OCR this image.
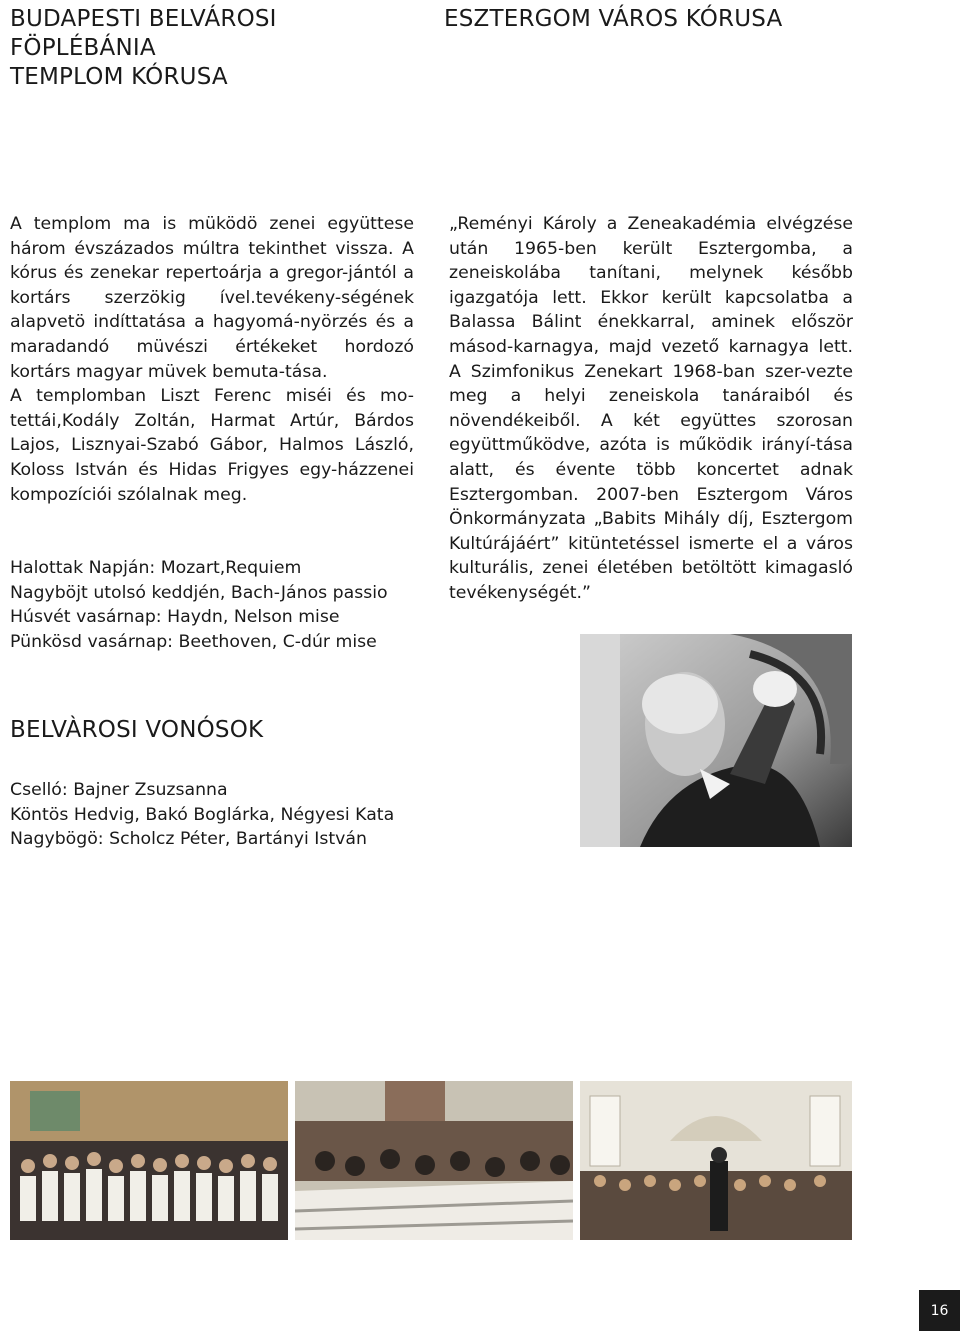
BUDAPESTI BELVÁROSI
FÖPLÉBÁNIA
TEMPLOM KÓRUSA
ESZTERGOM VÁROS KÓRUSA

A templom ma is müködö zenei együttese három évszázados múltra tekinthet vissza. A kórus és zenekar repertoárja a gregor-jántól a kortárs szerzökig ível.tevékeny-ségének alapvetö indíttatása a hagyomá-nyörzés és a maradandó müvészi értékeket hordozó kortárs magyar müvek bemuta-tása.

A templomban Liszt Ferenc miséi és mo-tettái,Kodály Zoltán, Harmat Artúr, Bárdos Lajos, Lisznyai-Szabó Gábor, Halmos László, Koloss István és Hidas Frigyes egy-házzenei kompozíciói szólalnak meg.

Halottak Napján: Mozart,Requiem
Nagyböjt utolsó keddjén, Bach-János passio
Húsvét vasárnap: Haydn, Nelson mise
Pünkösd vasárnap: Beethoven, C-dúr mise
BELVÀROSI VONÓSOK
Cselló: Bajner Zsuzsanna
Köntös Hedvig, Bakó Boglárka, Négyesi Kata
Nagybögö: Scholcz Péter, Bartányi István

„Reményi Károly a Zeneakadémia elvégzése után 1965-ben került Esztergomba, a zeneiskolába tanítani, melynek később igazgatója lett. Ekkor került kapcsolatba a Balassa Bálint énekkarral, aminek először másod-karnagya, majd vezető karnagya lett. A Szimfonikus Zenekart 1968-ban szer-vezte meg a helyi zeneiskola tanáraiból és növendékeiből. A két együttes szorosan együttműködve, azóta is működik irányí-tása alatt, és évente több koncertet adnak Esztergomban. 2007-ben Esztergom Város Önkormányzata „Babits Mihály díj, Esztergom Kultúrájáért” kitüntetéssel ismerte el a város kulturális, zenei életében betöltött kimagasló tevékenységét.”

16
